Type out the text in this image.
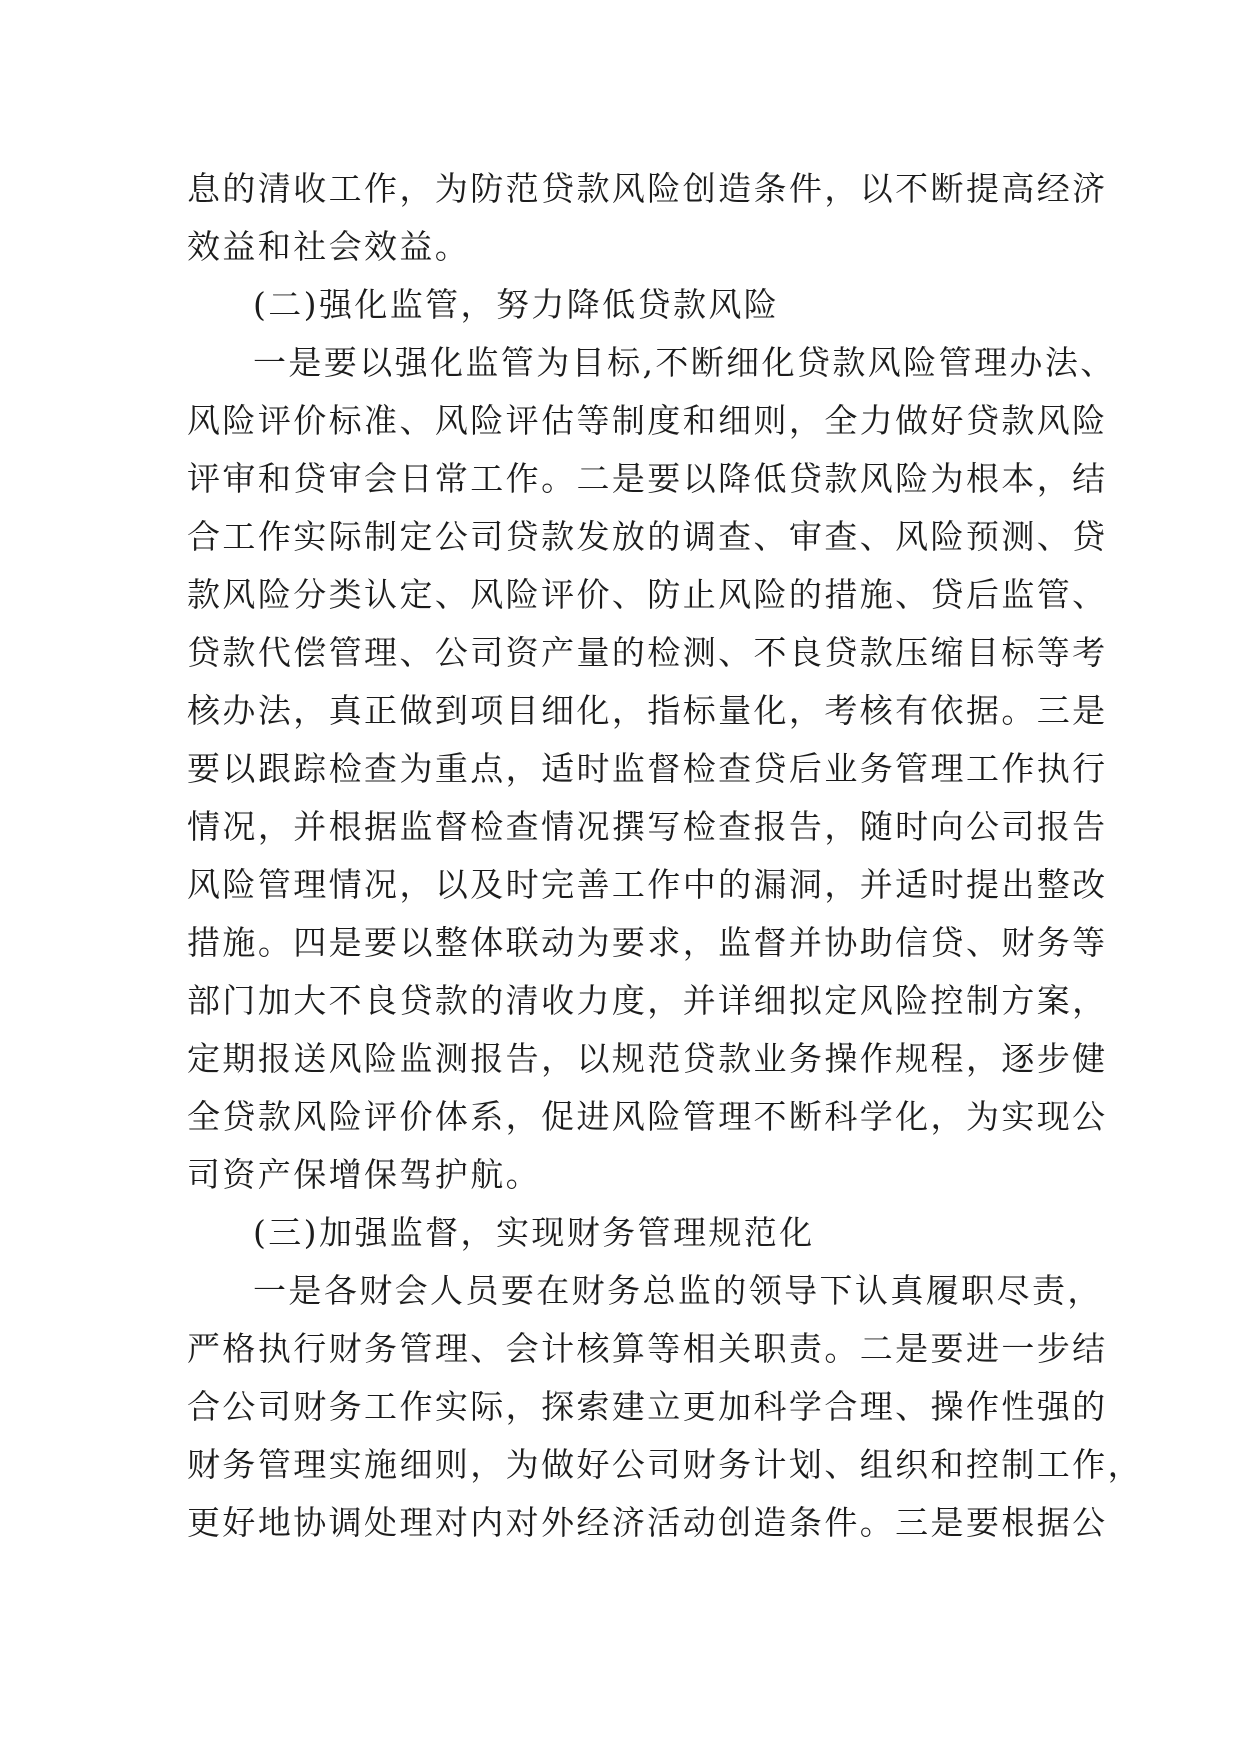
息 的 清 收 工 作 ， 为 防 范 贷 款 风 险 创 造 条 件 ， 以 不 断 提 高 经 济
效益和社会效益。
(二)强化监管，努力降低贷款风险
一 是 要 以 强 化 监 管 为 目 标 , 不 断 细 化 贷 款 风 险 管 理 办 法 、
风 险 评 价 标 准 、 风 险 评 估 等 制 度 和 细 则 ， 全 力 做 好 贷 款 风 险
评 审 和 贷 审 会 日 常 工 作 。 二 是 要 以 降 低 贷 款 风 险 为 根 本 ， 结
合 工 作 实 际 制 定 公 司 贷 款 发 放 的 调 查 、 审 查 、 风 险 预 测 、 贷
款 风 险 分 类 认 定 、 风 险 评 价 、 防 止 风 险 的 措 施 、 贷 后 监 管 、
贷 款 代 偿 管 理 、 公 司 资 产 量 的 检 测 、 不 良 贷 款 压 缩 目 标 等 考
核 办 法 ， 真 正 做 到 项 目 细 化 ， 指 标 量 化 ， 考 核 有 依 据 。 三 是
要 以 跟 踪 检 查 为 重 点 ， 适 时 监 督 检 查 贷 后 业 务 管 理 工 作 执 行
情 况 ， 并 根 据 监 督 检 查 情 况 撰 写 检 查 报 告 ， 随 时 向 公 司 报 告
风 险 管 理 情 况 ， 以 及 时 完 善 工 作 中 的 漏 洞 ， 并 适 时 提 出 整 改
措 施 。 四 是 要 以 整 体 联 动 为 要 求 ， 监 督 并 协 助 信 贷 、 财 务 等
部 门 加 大 不 良 贷 款 的 清 收 力 度 ， 并 详 细 拟 定 风 险 控 制 方 案 ，
定 期 报 送 风 险 监 测 报 告 ， 以 规 范 贷 款 业 务 操 作 规 程 ， 逐 步 健
全 贷 款 风 险 评 价 体 系 ， 促 进 风 险 管 理 不 断 科 学 化 ， 为 实 现 公
司资产保增保驾护航。
(三)加强监督，实现财务管理规范化
一 是 各 财 会 人 员 要 在 财 务 总 监 的 领 导 下 认 真 履 职 尽 责 ，
严 格 执 行 财 务 管 理 、 会 计 核 算 等 相 关 职 责 。 二 是 要 进 一 步 结
合 公 司 财 务 工 作 实 际 ， 探 索 建 立 更 加 科 学 合 理 、 操 作 性 强 的
财 务 管 理 实 施 细 则 ， 为 做 好 公 司 财 务 计 划 、 组 织 和 控 制 工 作 ，
更 好 地 协 调 处 理 对 内 对 外 经 济 活 动 创 造 条 件 。 三 是 要 根 据 公
